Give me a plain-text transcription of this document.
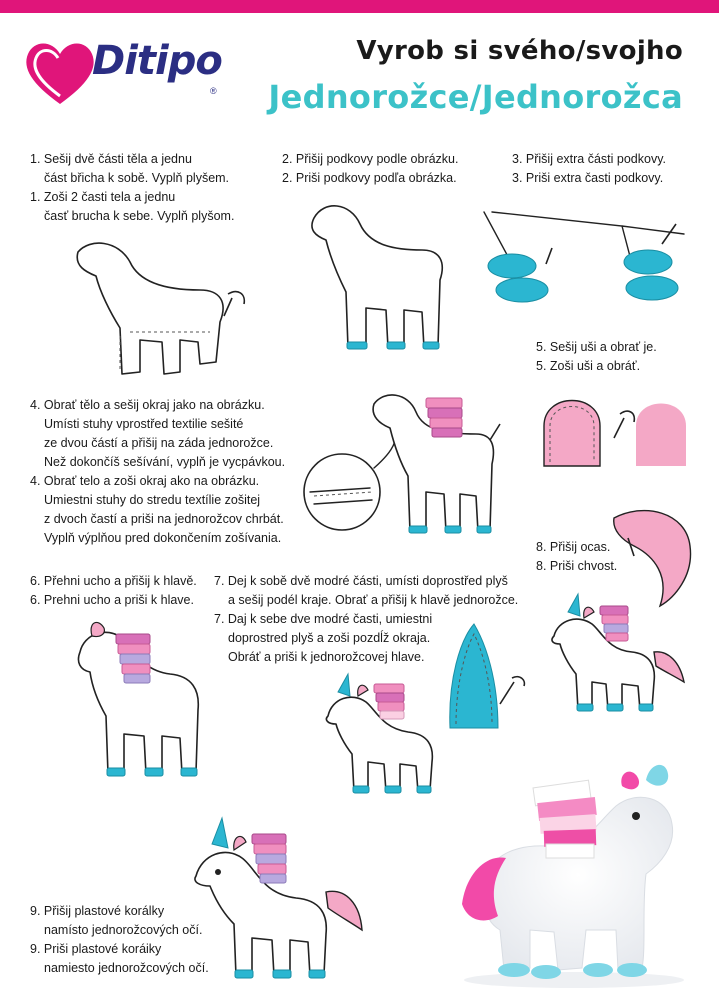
Ditipo
®
Vyrob si svého/svojho
Jednorožce/Jednorožca

1. Sešij dvě části těla a jednu

část břicha k sobě. Vyplň plyšem.

1. Zoši 2 časti tela a jednu

časť brucha k sebe. Vyplň plyšom.

2. Přišij podkovy podle obrázku.

2. Priši podkovy podľa obrázka.

3. Přišij extra části podkovy.

3. Priši extra časti podkovy.

5. Sešij uši a obrať je.

5. Zoši uši a obráť.

4. Obrať tělo a sešij okraj jako na obrázku.

Umísti stuhy vprostřed textilie sešité

ze dvou částí a přišij na záda jednorožce.

Než dokončíš sešívání, vyplň je vycpávkou.

4. Obrať telo a zoši okraj ako na obrázku.

Umiestni stuhy do stredu textílie zošitej

z dvoch častí a priši na jednorožcov chrbát.

Vyplň výplňou pred dokončením zošívania.

8. Přišij ocas.

8. Priši chvost.

6. Přehni ucho a přišij k hlavě.

6. Prehni ucho a priši k hlave.

7. Dej k sobě dvě modré části, umísti doprostřed plyš

a sešij podél kraje. Obrať a přišij k hlavě jednorožce.

7. Daj k sebe dve modré časti, umiestni

doprostred plyš a zoši pozdĺž okraja.

Obráť a priši k jednorožcovej hlave.

9. Přišij plastové korálky

namísto jednorožcových očí.

9. Priši plastové koráiky

namiesto jednorožcových očí.
